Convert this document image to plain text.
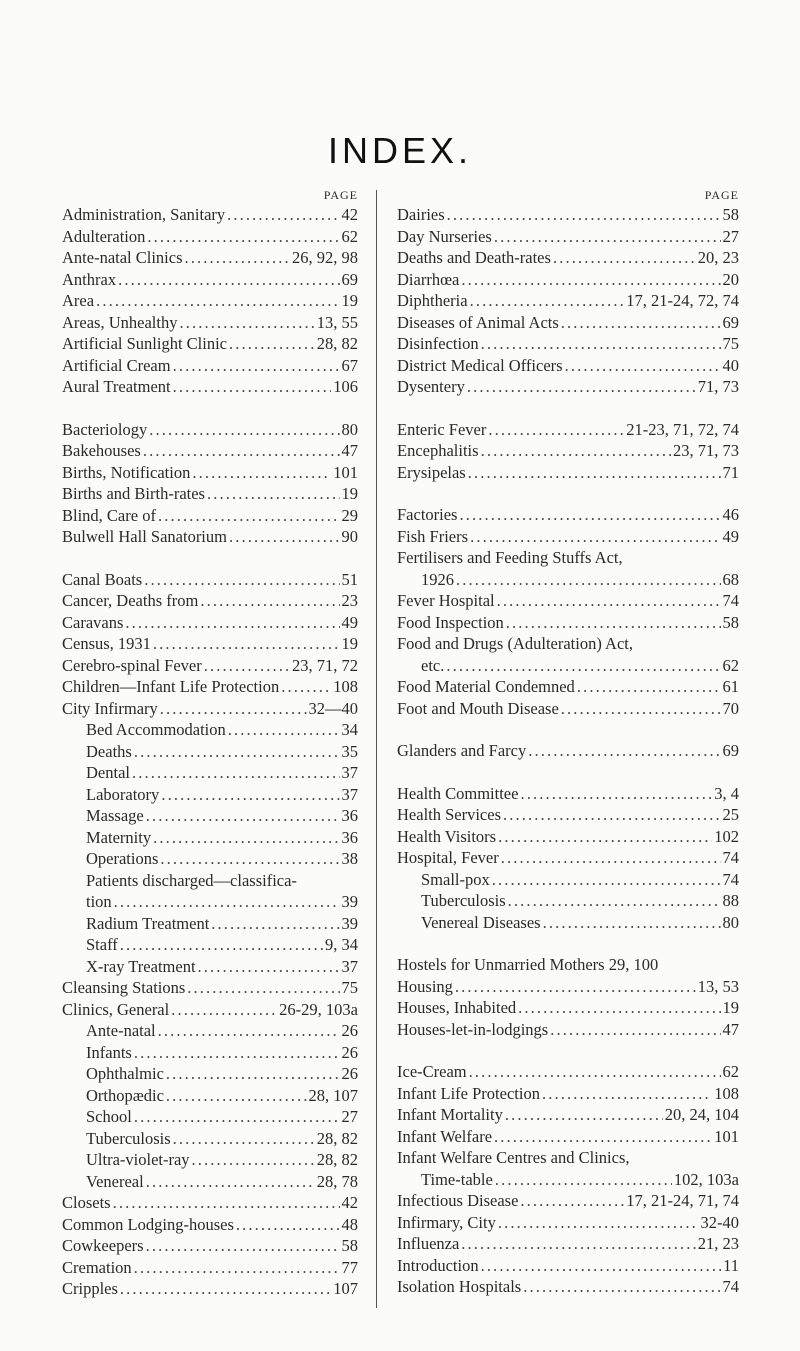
INDEX.
PAGE
Administration, Sanitary . . .	42
Adulteration . . .	62
Ante-natal Clinics . . .	26, 92, 98
Anthrax . . .	69
Area . . .	19
Areas, Unhealthy . . .	13, 55
Artificial Sunlight Clinic . . .	28, 82
Artificial Cream . . .	67
Aural Treatment . . .	106
Bacteriology . . .	80
Bakehouses . . .	47
Births, Notification . . .	101
Births and Birth-rates . . .	19
Blind, Care of . . .	29
Bulwell Hall Sanatorium . . .	90
Canal Boats . . .	51
Cancer, Deaths from . . .	23
Caravans . . .	49
Census, 1931 . . .	19
Cerebro-spinal Fever . . .	23, 71, 72
Children—Infant Life Protection . . .	108
City Infirmary . . .	32—40
Bed Accommodation . . .	34
Deaths . . .	35
Dental . . .	37
Laboratory . . .	37
Massage . . .	36
Maternity . . .	36
Operations . . .	38
Patients discharged—classifica-
tion . . .	39
Radium Treatment . . .	39
Staff . . .	9, 34
X-ray Treatment . . .	37
Cleansing Stations . . .	75
Clinics, General . . .	26-29, 103a
Ante-natal . . .	26
Infants . . .	26
Ophthalmic . . .	26
Orthopædic . . .	28, 107
School . . .	27
Tuberculosis . . .	28, 82
Ultra-violet-ray . . .	28, 82
Venereal . . .	28, 78
Closets . . .	42
Common Lodging-houses . . .	48
Cowkeepers . . .	58
Cremation . . .	77
Cripples . . .	107
PAGE
Dairies . . .	58
Day Nurseries . . .	27
Deaths and Death-rates . . .	20, 23
Diarrhœa . . .	20
Diphtheria . . .	17, 21-24, 72, 74
Diseases of Animal Acts . . .	69
Disinfection . . .	75
District Medical Officers . . .	40
Dysentery . . .	71, 73
Enteric Fever . . .	21-23, 71, 72, 74
Encephalitis . . .	23, 71, 73
Erysipelas . . .	71
Factories . . .	46
Fish Friers . . .	49
Fertilisers and Feeding Stuffs Act,
1926 . . .	68
Fever Hospital . . .	74
Food Inspection . . .	58
Food and Drugs (Adulteration) Act,
etc. . . .	62
Food Material Condemned . . .	61
Foot and Mouth Disease . . .	70
Glanders and Farcy . . .	69
Health Committee . . .	3, 4
Health Services . . .	25
Health Visitors . . .	102
Hospital, Fever . . .	74
Small-pox . . .	74
Tuberculosis . . .	88
Venereal Diseases . . .	80
Hostels for Unmarried Mothers 29, 100
Housing . . .	13, 53
Houses, Inhabited . . .	19
Houses-let-in-lodgings . . .	47
Ice-Cream . . .	62
Infant Life Protection . . .	108
Infant Mortality . . .	20, 24, 104
Infant Welfare . . .	101
Infant Welfare Centres and Clinics,
Time-table . . .	102, 103a
Infectious Disease . . .	17, 21-24, 71, 74
Infirmary, City . . .	32-40
Influenza . . .	21, 23
Introduction . . .	11
Isolation Hospitals . . .	74
